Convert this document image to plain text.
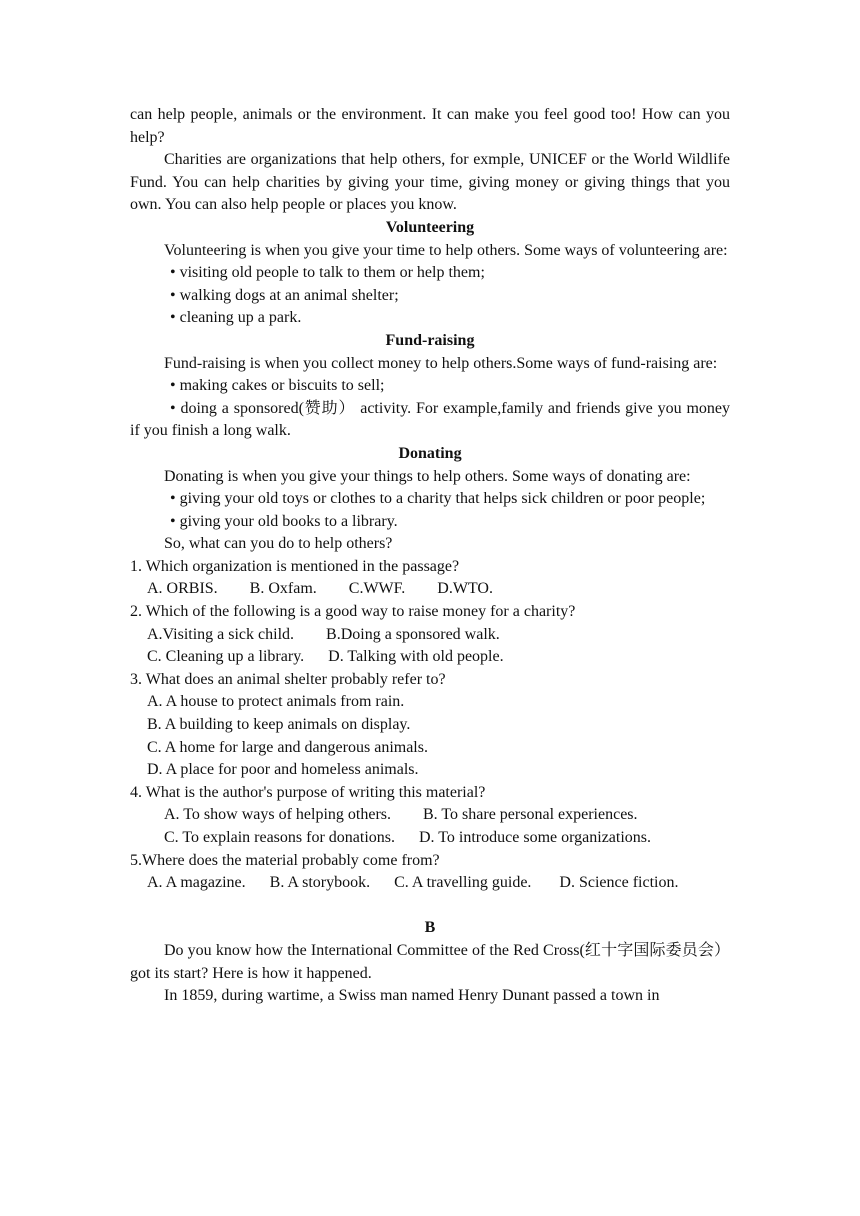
can help people, animals or the environment. It can make you feel good too! How can you help?

Charities are organizations that help others, for exmple, UNICEF or the World Wildlife Fund. You can help charities by giving your time, giving money or giving things that you own. You can also help people or places you know.

Volunteering

Volunteering is when you give your time to help others. Some ways of volunteering are:

• visiting old people to talk to them or help them;

• walking dogs at an animal shelter;

• cleaning up a park.

Fund-raising

Fund-raising is when you collect money to help others.Some ways of fund-raising are:

• making cakes or biscuits to sell;

• doing a sponsored(赞助） activity. For example,family and friends give you money if you finish a long walk.

Donating

Donating is when you give your things to help others. Some ways of donating are:

• giving your old toys or clothes to a charity that helps sick children or poor people;

• giving your old books to a library.

So, what can you do to help others?

1. Which organization is mentioned in the passage?

A. ORBIS.        B. Oxfam.        C.WWF.        D.WTO.

2. Which of the following is a good way to raise money for a charity?

A.Visiting a sick child.        B.Doing a sponsored walk.

C. Cleaning up a library.      D. Talking with old people.

3. What does an animal shelter probably refer to?

A. A house to protect animals from rain.

B. A building to keep animals on display.

C. A home for large and dangerous animals.

D. A place for poor and homeless animals.

4. What is the author's purpose of writing this material?

A. To show ways of helping others.        B. To share personal experiences.

C. To explain reasons for donations.      D. To introduce some organizations.

5.Where does the material probably come from?

A. A magazine.      B. A storybook.      C. A travelling guide.       D. Science fiction.

B

Do you know how the International Committee of the Red Cross(红十字国际委员会）got its start? Here is how it happened.

In 1859, during wartime, a Swiss man named Henry Dunant passed a town in
